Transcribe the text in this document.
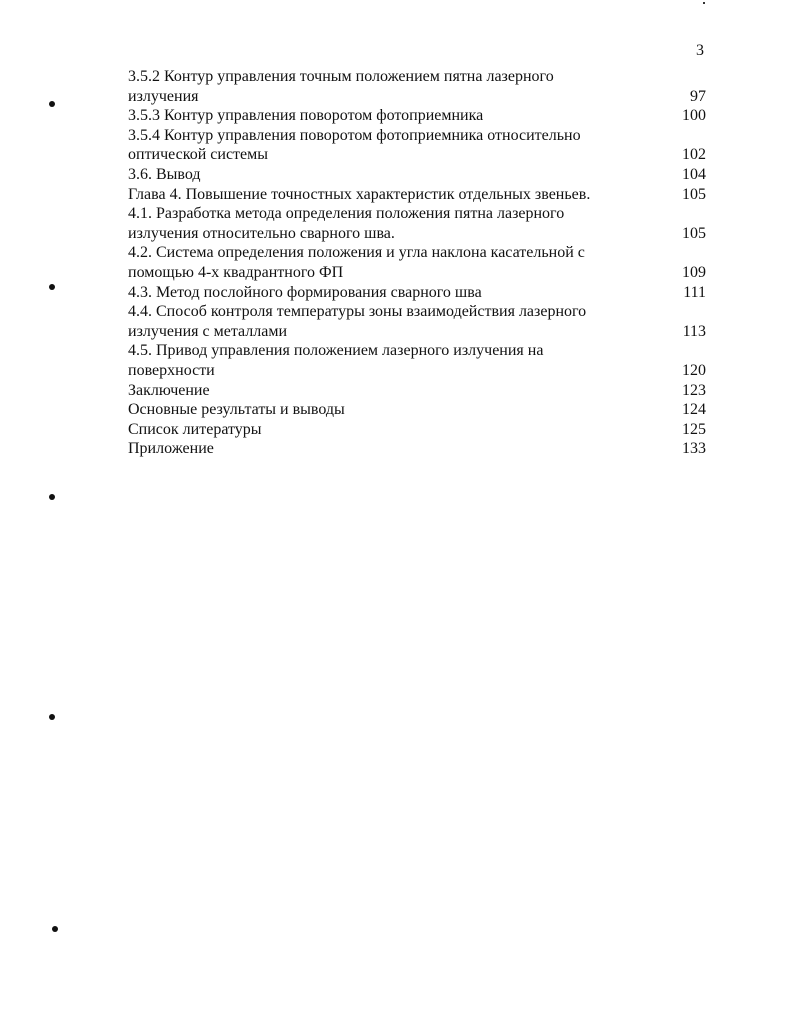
3
3.5.2 Контур управления точным положением пятна лазерного
излучения	97
3.5.3 Контур управления поворотом фотоприемника	100
3.5.4 Контур управления поворотом фотоприемника относительно
оптической системы	102
3.6. Вывод	104
Глава 4. Повышение точностных характеристик отдельных звеньев.	105
4.1. Разработка метода определения положения пятна лазерного
излучения относительно сварного шва.	105
4.2. Система определения положения и угла наклона касательной с
помощью 4-х квадрантного ФП	109
4.3. Метод послойного формирования сварного шва	111
4.4. Способ контроля температуры зоны взаимодействия лазерного
излучения с металлами	113
4.5. Привод управления положением лазерного излучения на
поверхности	120
Заключение	123
Основные результаты и выводы	124
Список литературы	125
Приложение	133
